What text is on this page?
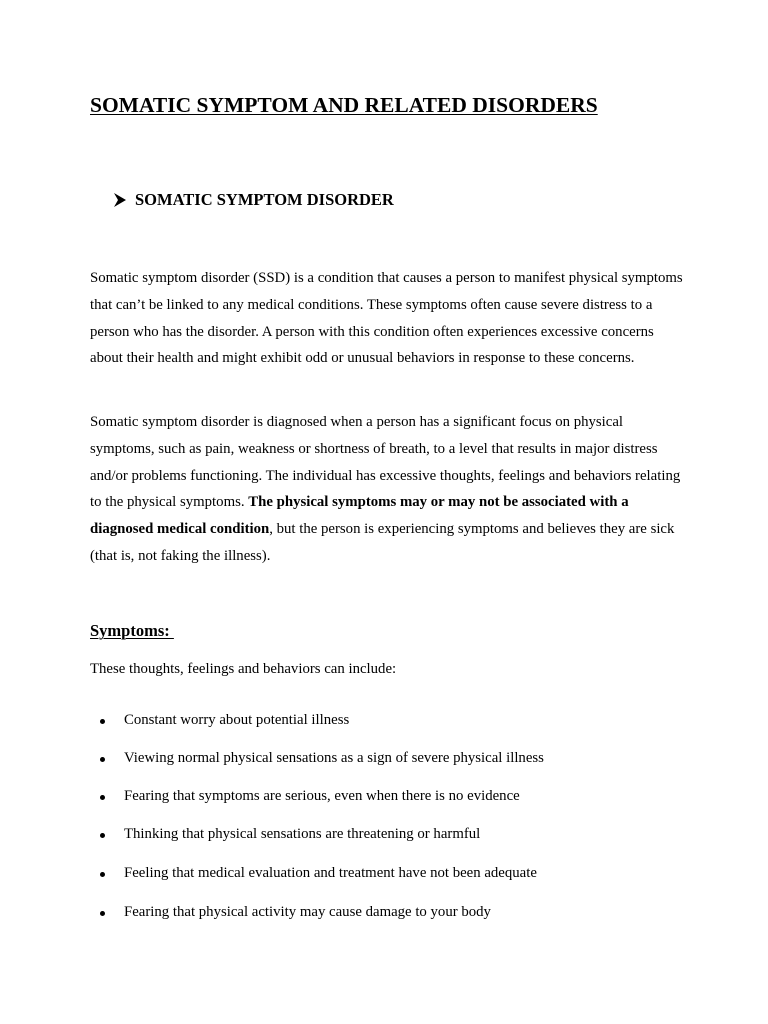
SOMATIC SYMPTOM AND RELATED DISORDERS
SOMATIC SYMPTOM DISORDER

Somatic symptom disorder (SSD) is a condition that causes a person to manifest physical symptoms that can’t be linked to any medical conditions. These symptoms often cause severe distress to a person who has the disorder. A person with this condition often experiences excessive concerns about their health and might exhibit odd or unusual behaviors in response to these concerns.

Somatic symptom disorder is diagnosed when a person has a significant focus on physical symptoms, such as pain, weakness or shortness of breath, to a level that results in major distress and/or problems functioning. The individual has excessive thoughts, feelings and behaviors relating to the physical symptoms. The physical symptoms may or may not be associated with a diagnosed medical condition, but the person is experiencing symptoms and believes they are sick (that is, not faking the illness).

Symptoms:

These thoughts, feelings and behaviors can include:

Constant worry about potential illness
Viewing normal physical sensations as a sign of severe physical illness
Fearing that symptoms are serious, even when there is no evidence
Thinking that physical sensations are threatening or harmful
Feeling that medical evaluation and treatment have not been adequate
Fearing that physical activity may cause damage to your body
